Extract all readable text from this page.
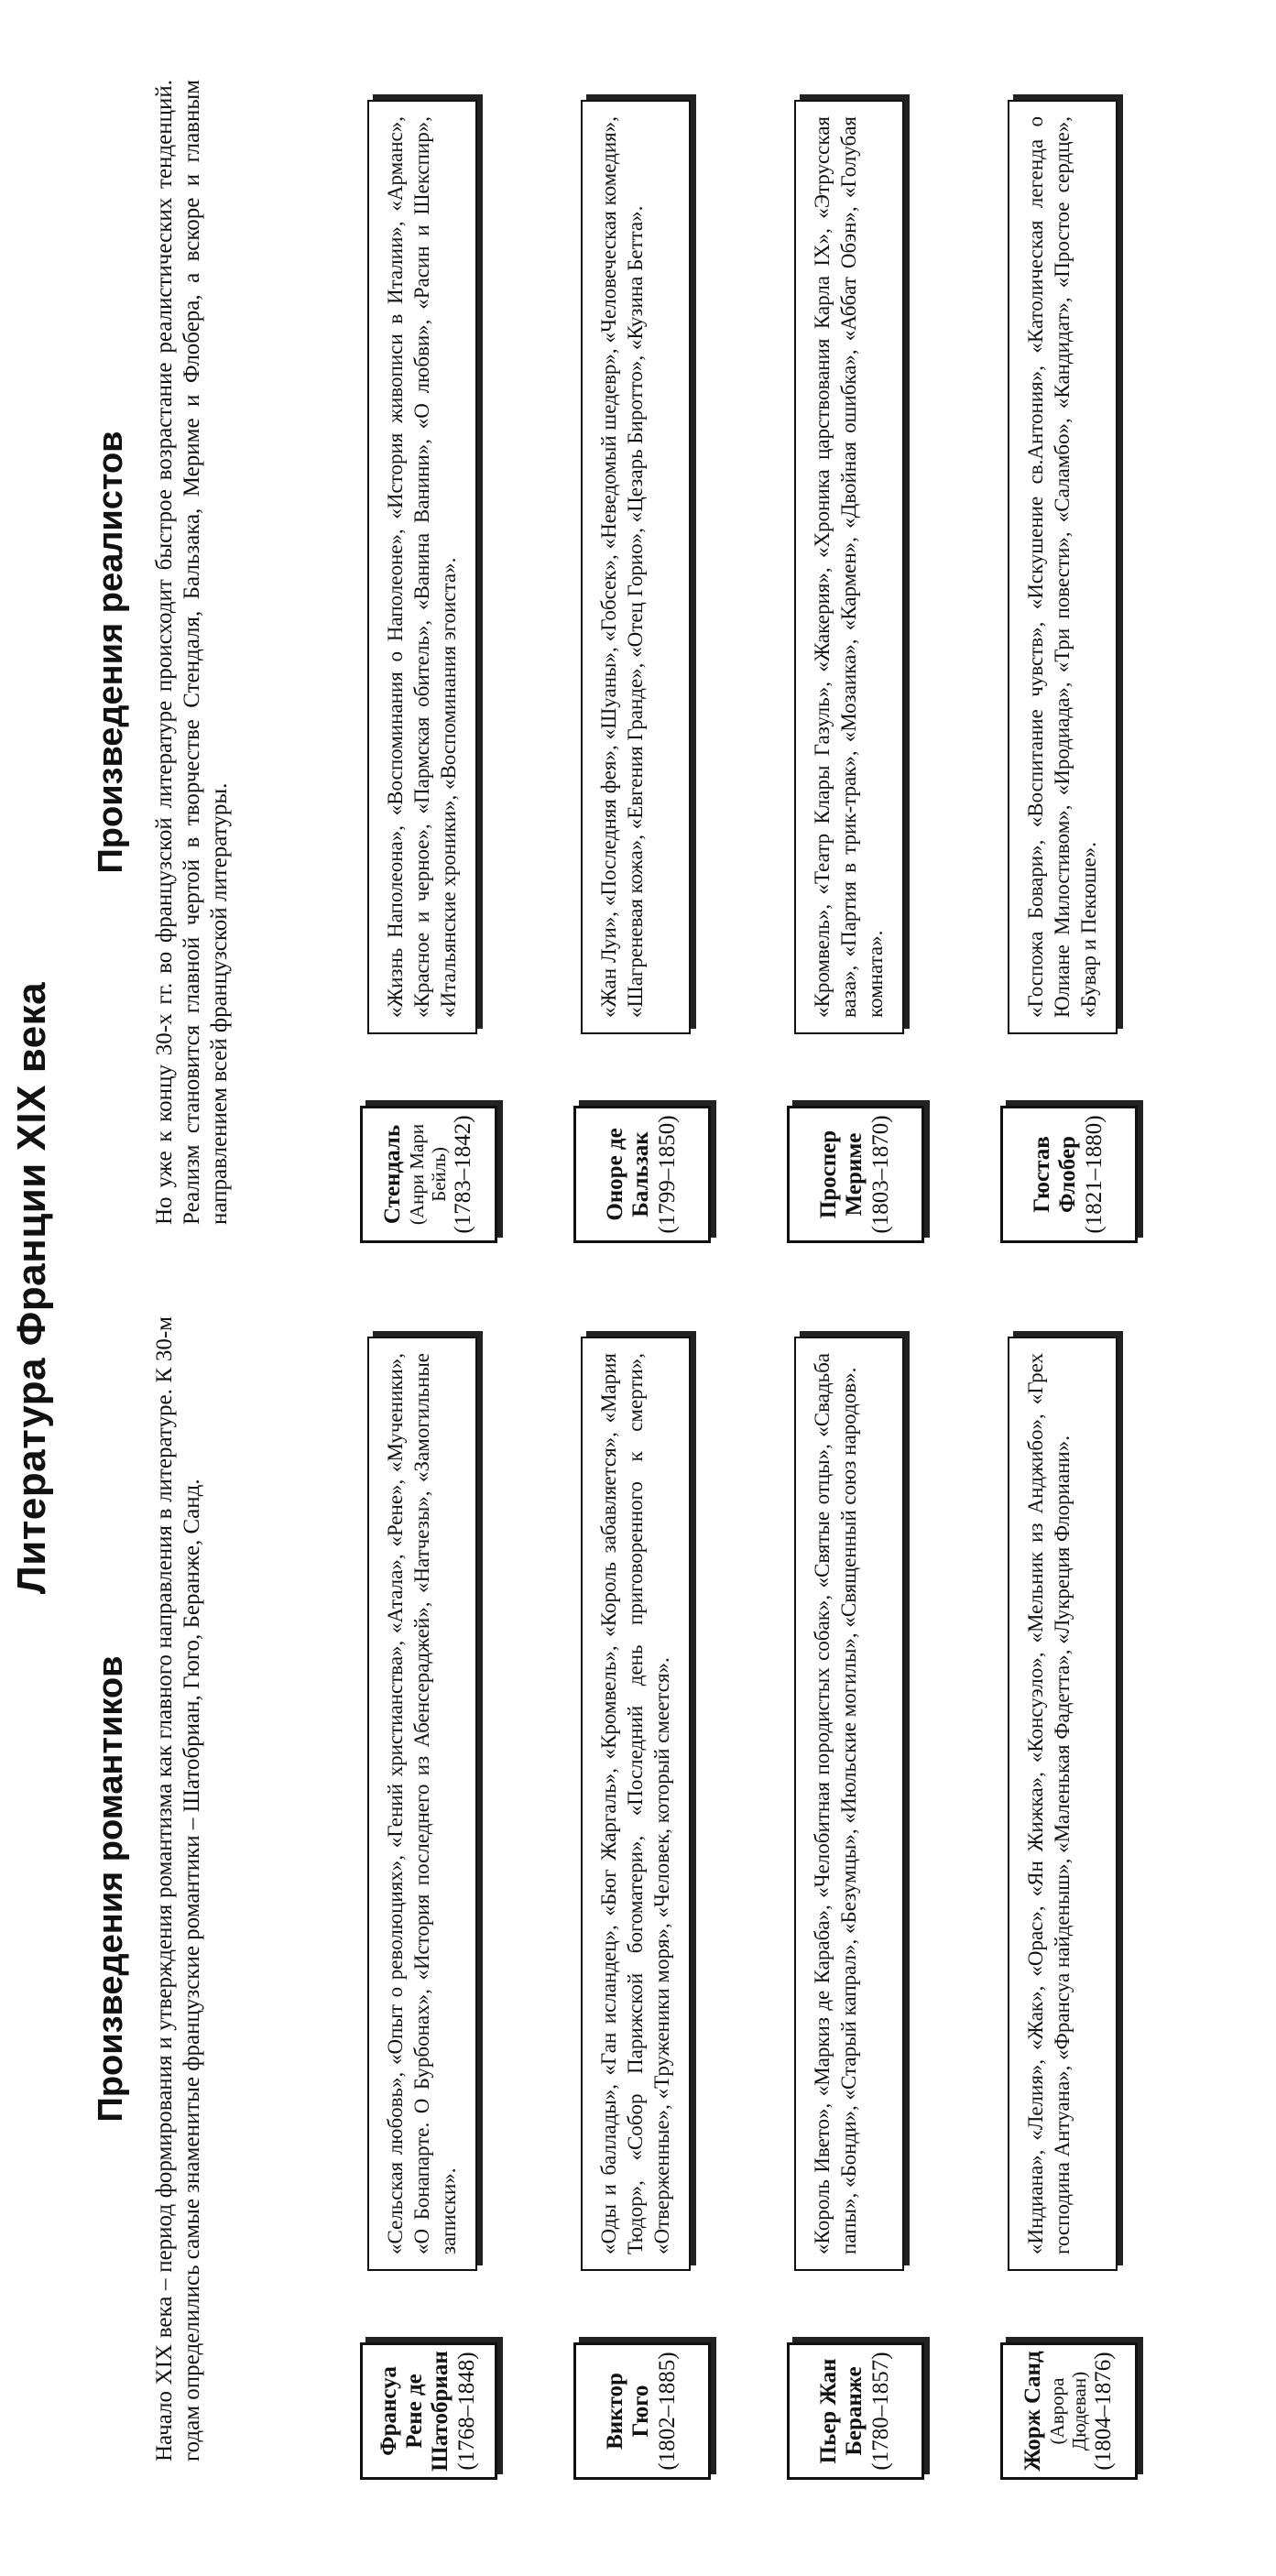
Литература Франции XIX века
Произведения романтиков Начало XIX века – период формирования и утверждения романтизма как главного направления в литературе. К 30-м годам определились самые знаменитые французские романтики – Шатобриан, Гюго, Беранже, Санд.	Франсуа Рене де Шатобриан (1768–1848)
«Сельская любовь», «Опыт о революциях», «Гений христианства», «Атала», «Рене», «Мученики», «О Бонапарте. О Бурбонах», «История последнего из Абенсераджей», «Натчезы», «Замогильные записки».
Виктор Гюго (1802–1885)
«Оды и баллады», «Ган исландец», «Бюг Жаргаль», «Кромвель», «Король забавляется», «Мария Тюдор», «Собор Парижской богоматери», «Последний день приговоренного к смерти», «Отверженные», «Труженики моря», «Человек, который смеется».
Пьер Жан Беранже (1780–1857)
«Король Ивето», «Маркиз де Караба», «Челобитная породистых собак», «Святые отцы», «Свадьба папы», «Бонди», «Старый капрал», «Безумцы», «Июльские могилы», «Священный союз народов».
Жорж Санд (Аврора Дюдеван) (1804–1876)
«Индиана», «Лелия», «Жак», «Орас», «Ян Жижка», «Консуэло», «Мельник из Анджибо», «Грех господина Антуана», «Франсуа найденыш», «Маленькая Фадетта», «Лукреция Флориани».
Произведения реалистов Но уже к концу 30-х гг. во французской литературе происходит быстрое возрастание реалистических тенденций. Реализм становится главной чертой в творчестве Стендаля, Бальзака, Мериме и Флобера, а вскоре и главным направлением всей французской литературы.	Стендаль (Анри Мари Бейль) (1783–1842)
«Жизнь Наполеона», «Воспоминания о Наполеоне», «История живописи в Италии», «Арманс», «Красное и черное», «Пармская обитель», «Ванина Ванини», «О любви», «Расин и Шекспир», «Итальянские хроники», «Воспоминания эгоиста».
Оноре де Бальзак (1799–1850)
«Жан Луи», «Последняя фея», «Шуаны», «Гобсек», «Неведомый шедевр», «Человеческая комедия», «Шагреневая кожа», «Евгения Гранде», «Отец Горио», «Цезарь Биротто», «Кузина Бетта».
Проспер Мериме (1803–1870)
«Кромвель», «Театр Клары Газуль», «Жакерия», «Хроника царствования Карла IX», «Этрусская ваза», «Партия в трик-трак», «Мозаика», «Кармен», «Двойная ошибка», «Аббат Обэн», «Голубая комната».
Гюстав Флобер (1821–1880)
«Госпожа Бовари», «Воспитание чувств», «Искушение св.Антония», «Католическая легенда о Юлиане Милостивом», «Иродиада», «Три повести», «Саламбо», «Кандидат», «Простое сердце», «Бувар и Пекюше».
